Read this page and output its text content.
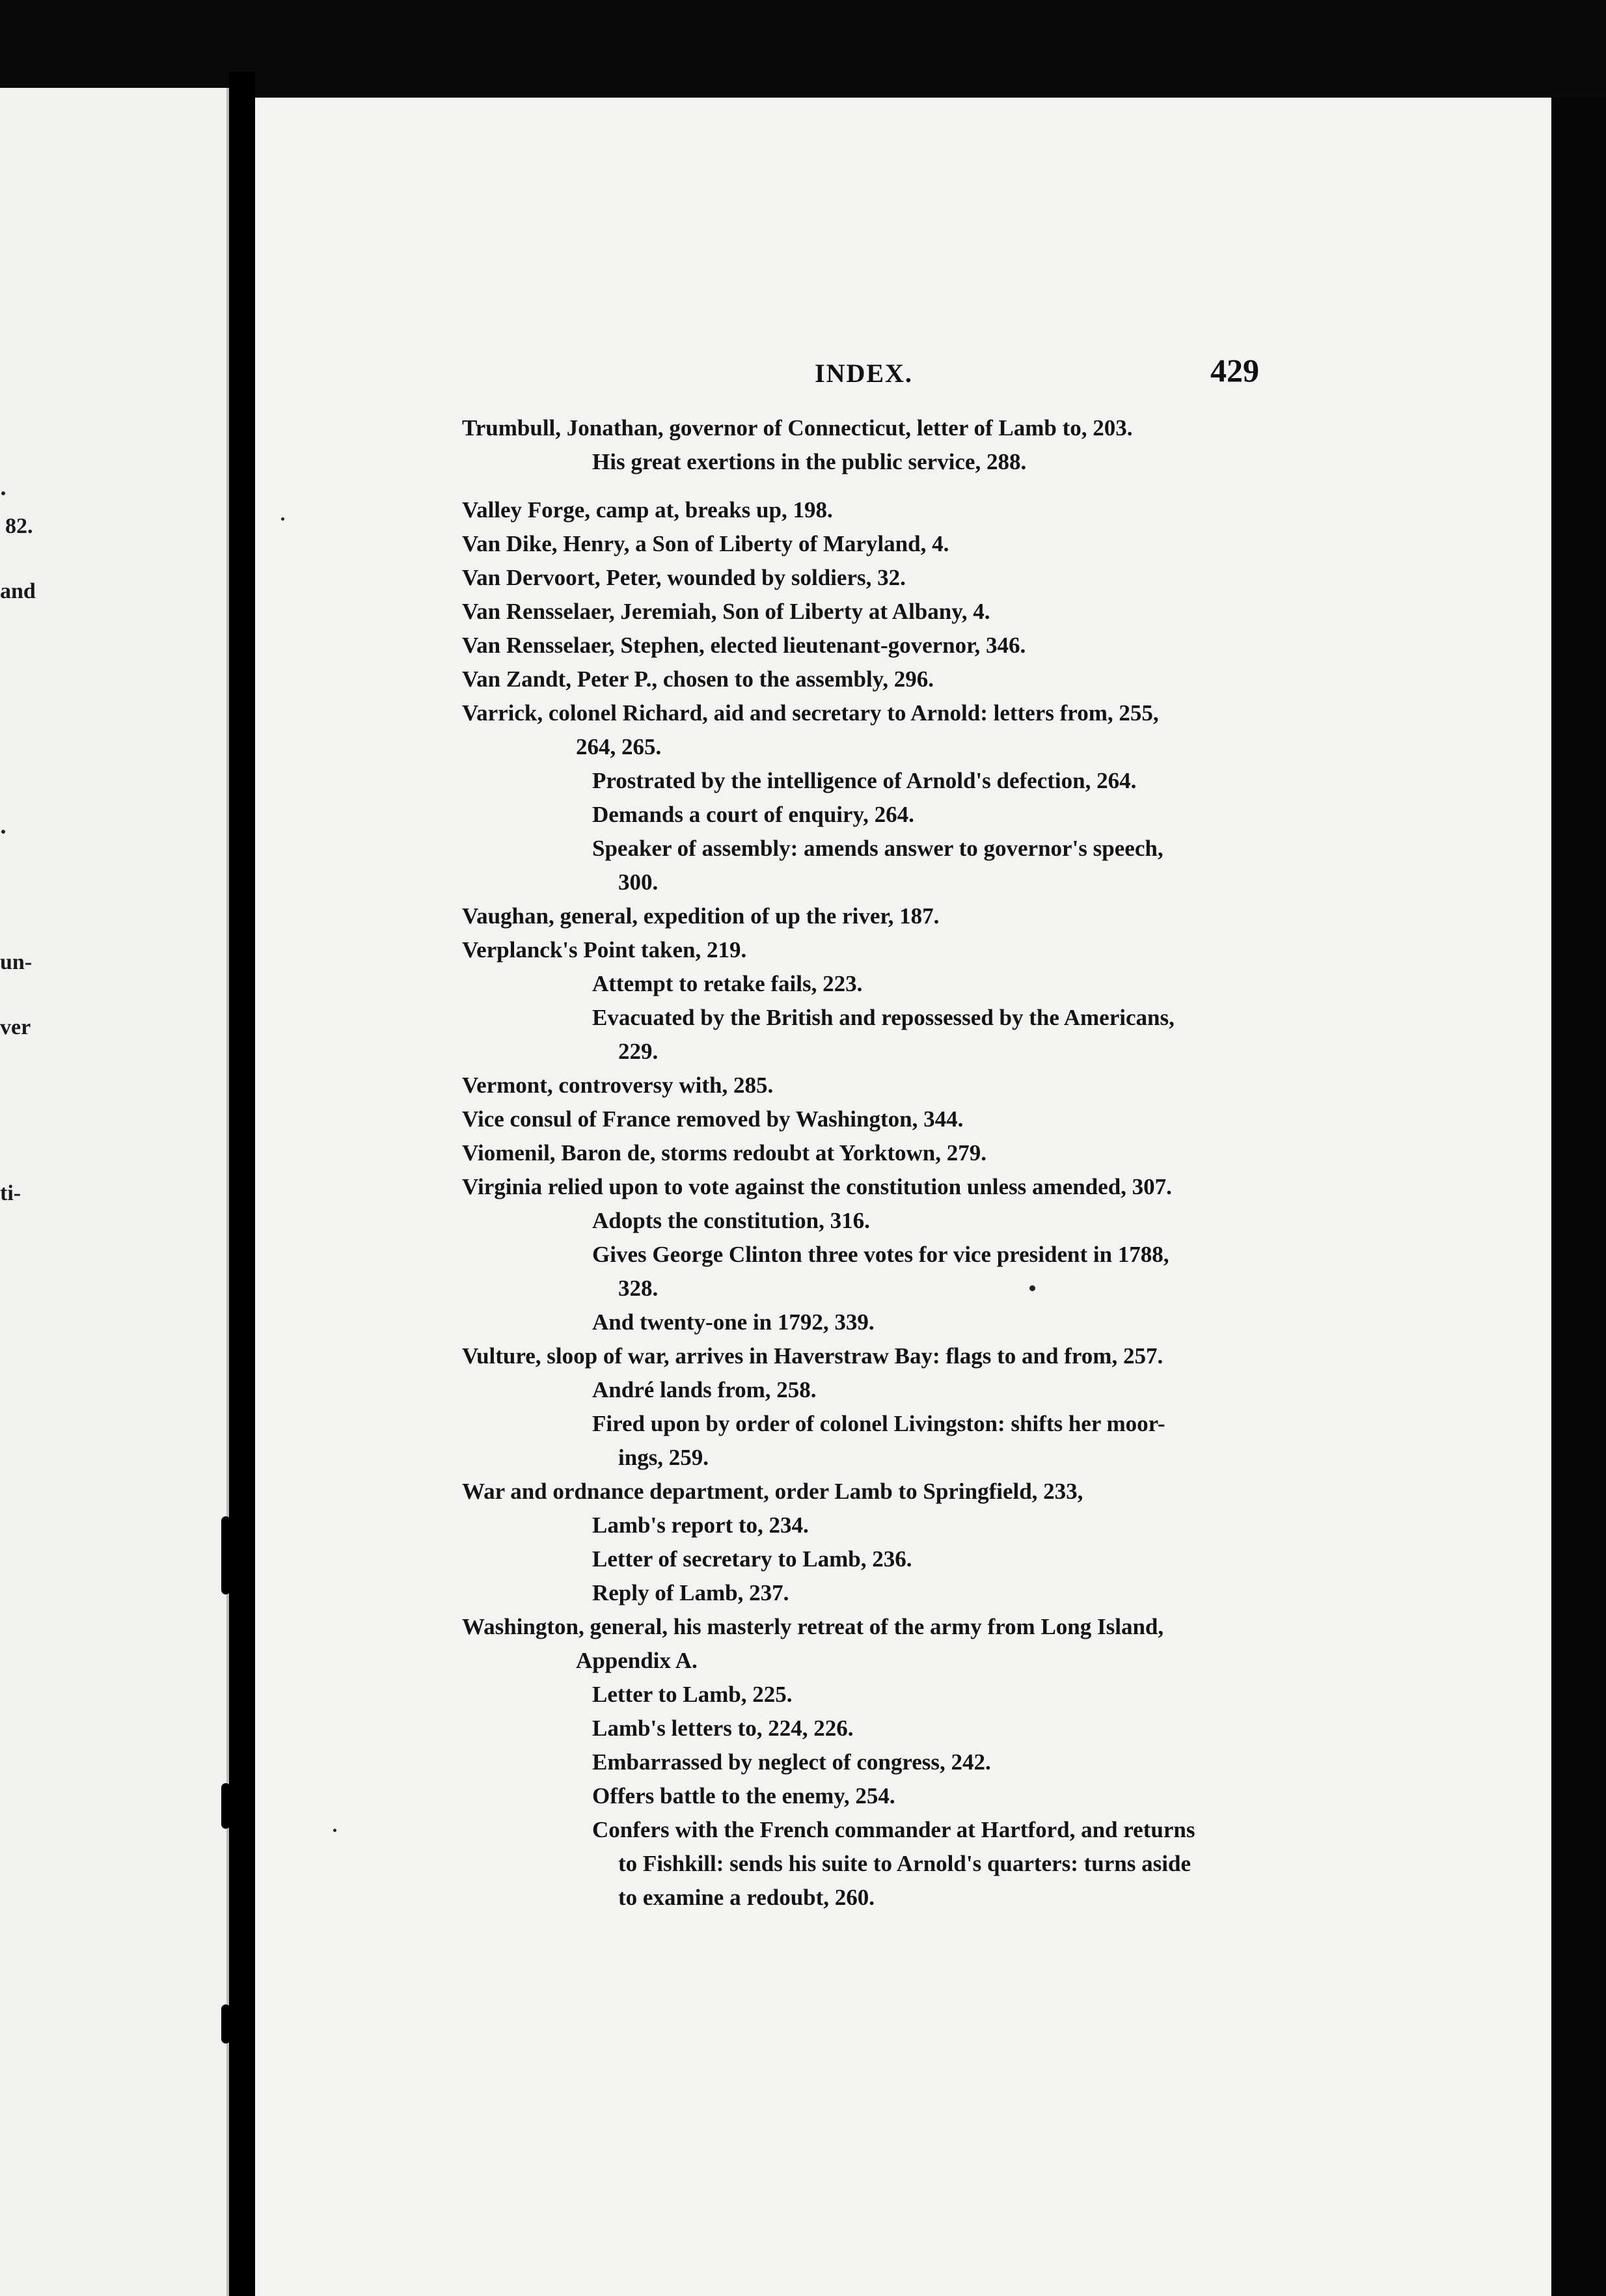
82.
and
un-
ver
ti-
INDEX.	429

Trumbull, Jonathan, governor of Connecticut, letter of Lamb to, 203.

His great exertions in the public service, 288.

Valley Forge, camp at, breaks up, 198.

Van Dike, Henry, a Son of Liberty of Maryland, 4.

Van Dervoort, Peter, wounded by soldiers, 32.

Van Rensselaer, Jeremiah, Son of Liberty at Albany, 4.

Van Rensselaer, Stephen, elected lieutenant-governor, 346.

Van Zandt, Peter P., chosen to the assembly, 296.

Varrick, colonel Richard, aid and secretary to Arnold: letters from, 255,
264, 265.

Prostrated by the intelligence of Arnold's defection, 264.

Demands a court of enquiry, 264.

Speaker of assembly: amends answer to governor's speech,
300.

Vaughan, general, expedition of up the river, 187.

Verplanck's Point taken, 219.

Attempt to retake fails, 223.

Evacuated by the British and repossessed by the Americans,
229.

Vermont, controversy with, 285.

Vice consul of France removed by Washington, 344.

Viomenil, Baron de, storms redoubt at Yorktown, 279.

Virginia relied upon to vote against the constitution unless amended, 307.

Adopts the constitution, 316.

Gives George Clinton three votes for vice president in 1788,
328.

And twenty-one in 1792, 339.

Vulture, sloop of war, arrives in Haverstraw Bay: flags to and from, 257.

André lands from, 258.

Fired upon by order of colonel Livingston: shifts her moor-
ings, 259.

War and ordnance department, order Lamb to Springfield, 233,

Lamb's report to, 234.

Letter of secretary to Lamb, 236.

Reply of Lamb, 237.

Washington, general, his masterly retreat of the army from Long Island,
Appendix A.

Letter to Lamb, 225.

Lamb's letters to, 224, 226.

Embarrassed by neglect of congress, 242.

Offers battle to the enemy, 254.

Confers with the French commander at Hartford, and returns
to Fishkill: sends his suite to Arnold's quarters: turns aside

to examine a redoubt, 260.
